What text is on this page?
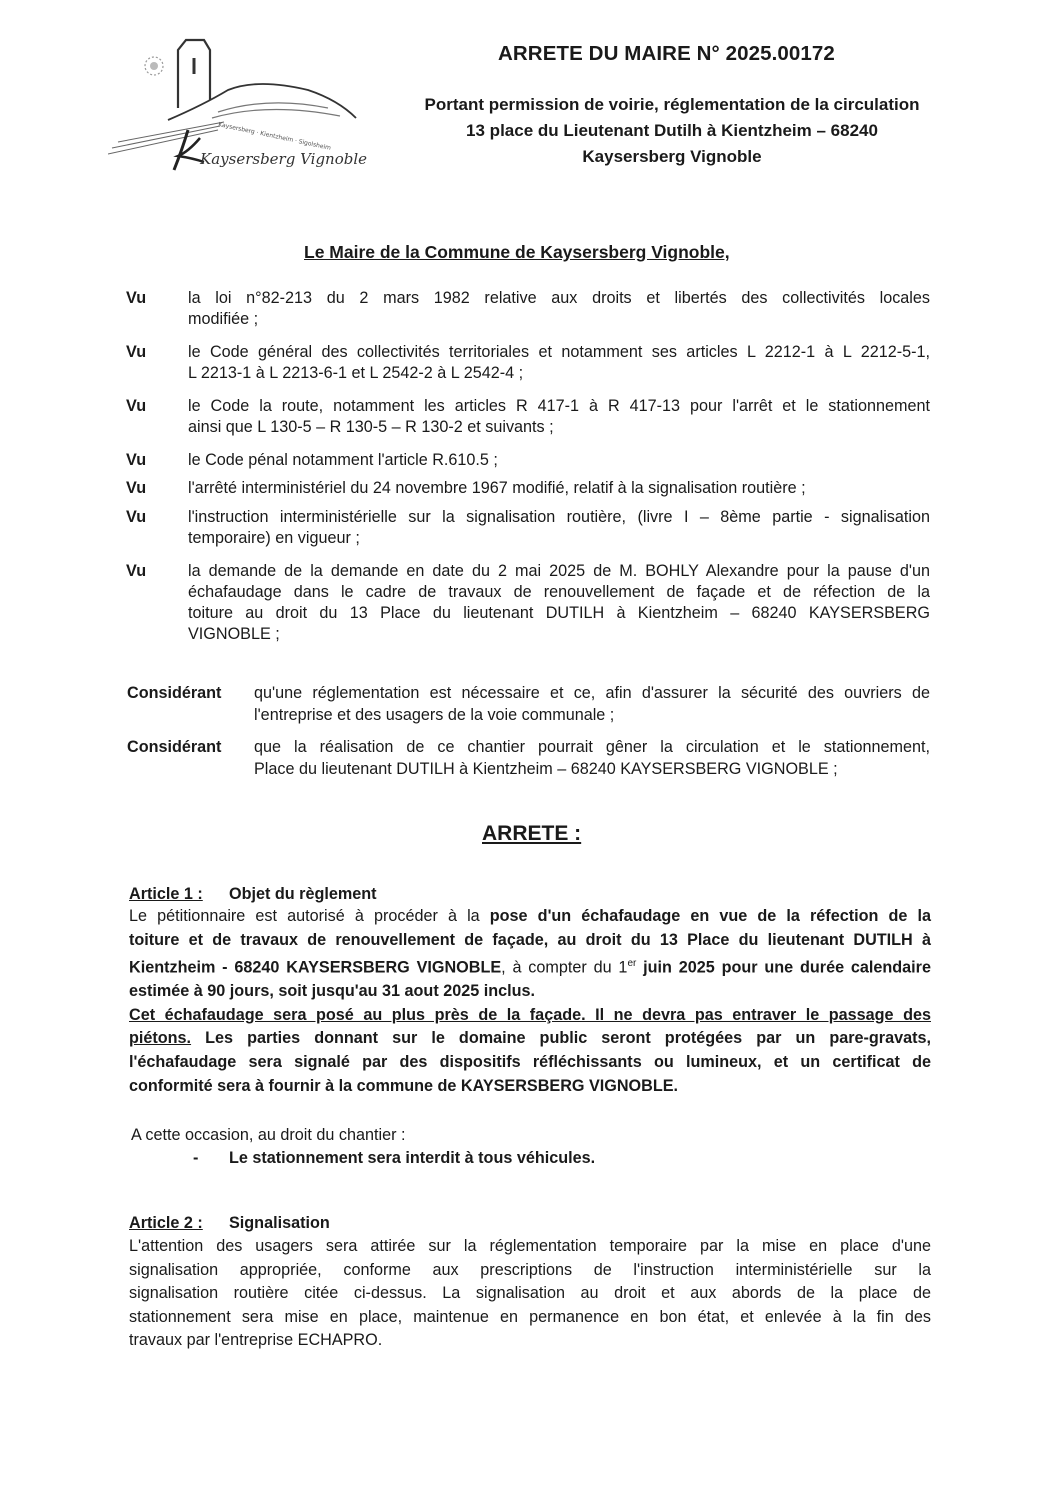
Kaysersberg · Kientzheim · Sigolsheim
Kaysersberg Vignoble
ARRETE DU MAIRE N° 2025.00172
Portant permission de voirie, réglementation de la circulation
13 place du Lieutenant Dutilh à Kientzheim – 68240
Kaysersberg Vignoble
Le Maire de la Commune de Kaysersberg Vignoble,
Vu	la loi n°82-213 du 2 mars 1982 relative aux droits et libertés des collectivités locales
modifiée ;
Vu	le Code général des collectivités territoriales et notamment ses articles L 2212-1 à L 2212-5-1,
L 2213-1 à L 2213-6-1 et L 2542-2 à L 2542-4 ;
Vu	le Code la route, notamment les articles R 417-1 à R 417-13 pour l'arrêt et le stationnement
ainsi que L 130-5 – R 130-5 – R 130-2 et suivants ;
Vu	le Code pénal notamment l'article R.610.5 ;
Vu	l'arrêté interministériel du 24 novembre 1967 modifié, relatif à la signalisation routière ;
Vu	l'instruction interministérielle sur la signalisation routière, (livre I – 8ème partie - signalisation
temporaire) en vigueur ;
Vu	la demande de la demande en date du 2 mai 2025 de M. BOHLY Alexandre pour la pause d'un
échafaudage dans le cadre de travaux de renouvellement de façade et de réfection de la
toiture au droit du 13 Place du lieutenant DUTILH à Kientzheim – 68240 KAYSERSBERG
VIGNOBLE ;
Considérant qu'une réglementation est nécessaire et ce, afin d'assurer la sécurité des ouvriers de
l'entreprise et des usagers de la voie communale ;
Considérant que la réalisation de ce chantier pourrait gêner la circulation et le stationnement,
Place du lieutenant DUTILH à Kientzheim – 68240 KAYSERSBERG VIGNOBLE ;
ARRETE :
Article 1 : Objet du règlement
Le pétitionnaire est autorisé à procéder à la pose d'un échafaudage en vue de la réfection de la
toiture et de travaux de renouvellement de façade, au droit du 13 Place du lieutenant DUTILH à
Kientzheim - 68240 KAYSERSBERG VIGNOBLE, à compter du 1er juin 2025 pour une durée calendaire
estimée à 90 jours, soit jusqu'au 31 aout 2025 inclus.
Cet échafaudage sera posé au plus près de la façade. Il ne devra pas entraver le passage des
piétons. Les parties donnant sur le domaine public seront protégées par un pare-gravats,
l'échafaudage sera signalé par des dispositifs réfléchissants ou lumineux, et un certificat de
conformité sera à fournir à la commune de KAYSERSBERG VIGNOBLE.
A cette occasion, au droit du chantier :
- Le stationnement sera interdit à tous véhicules.
Article 2 : Signalisation
L'attention des usagers sera attirée sur la réglementation temporaire par la mise en place d'une
signalisation appropriée, conforme aux prescriptions de l'instruction interministérielle sur la
signalisation routière citée ci-dessus. La signalisation au droit et aux abords de la place de
stationnement sera mise en place, maintenue en permanence en bon état, et enlevée à la fin des
travaux par l'entreprise ECHAPRO.
